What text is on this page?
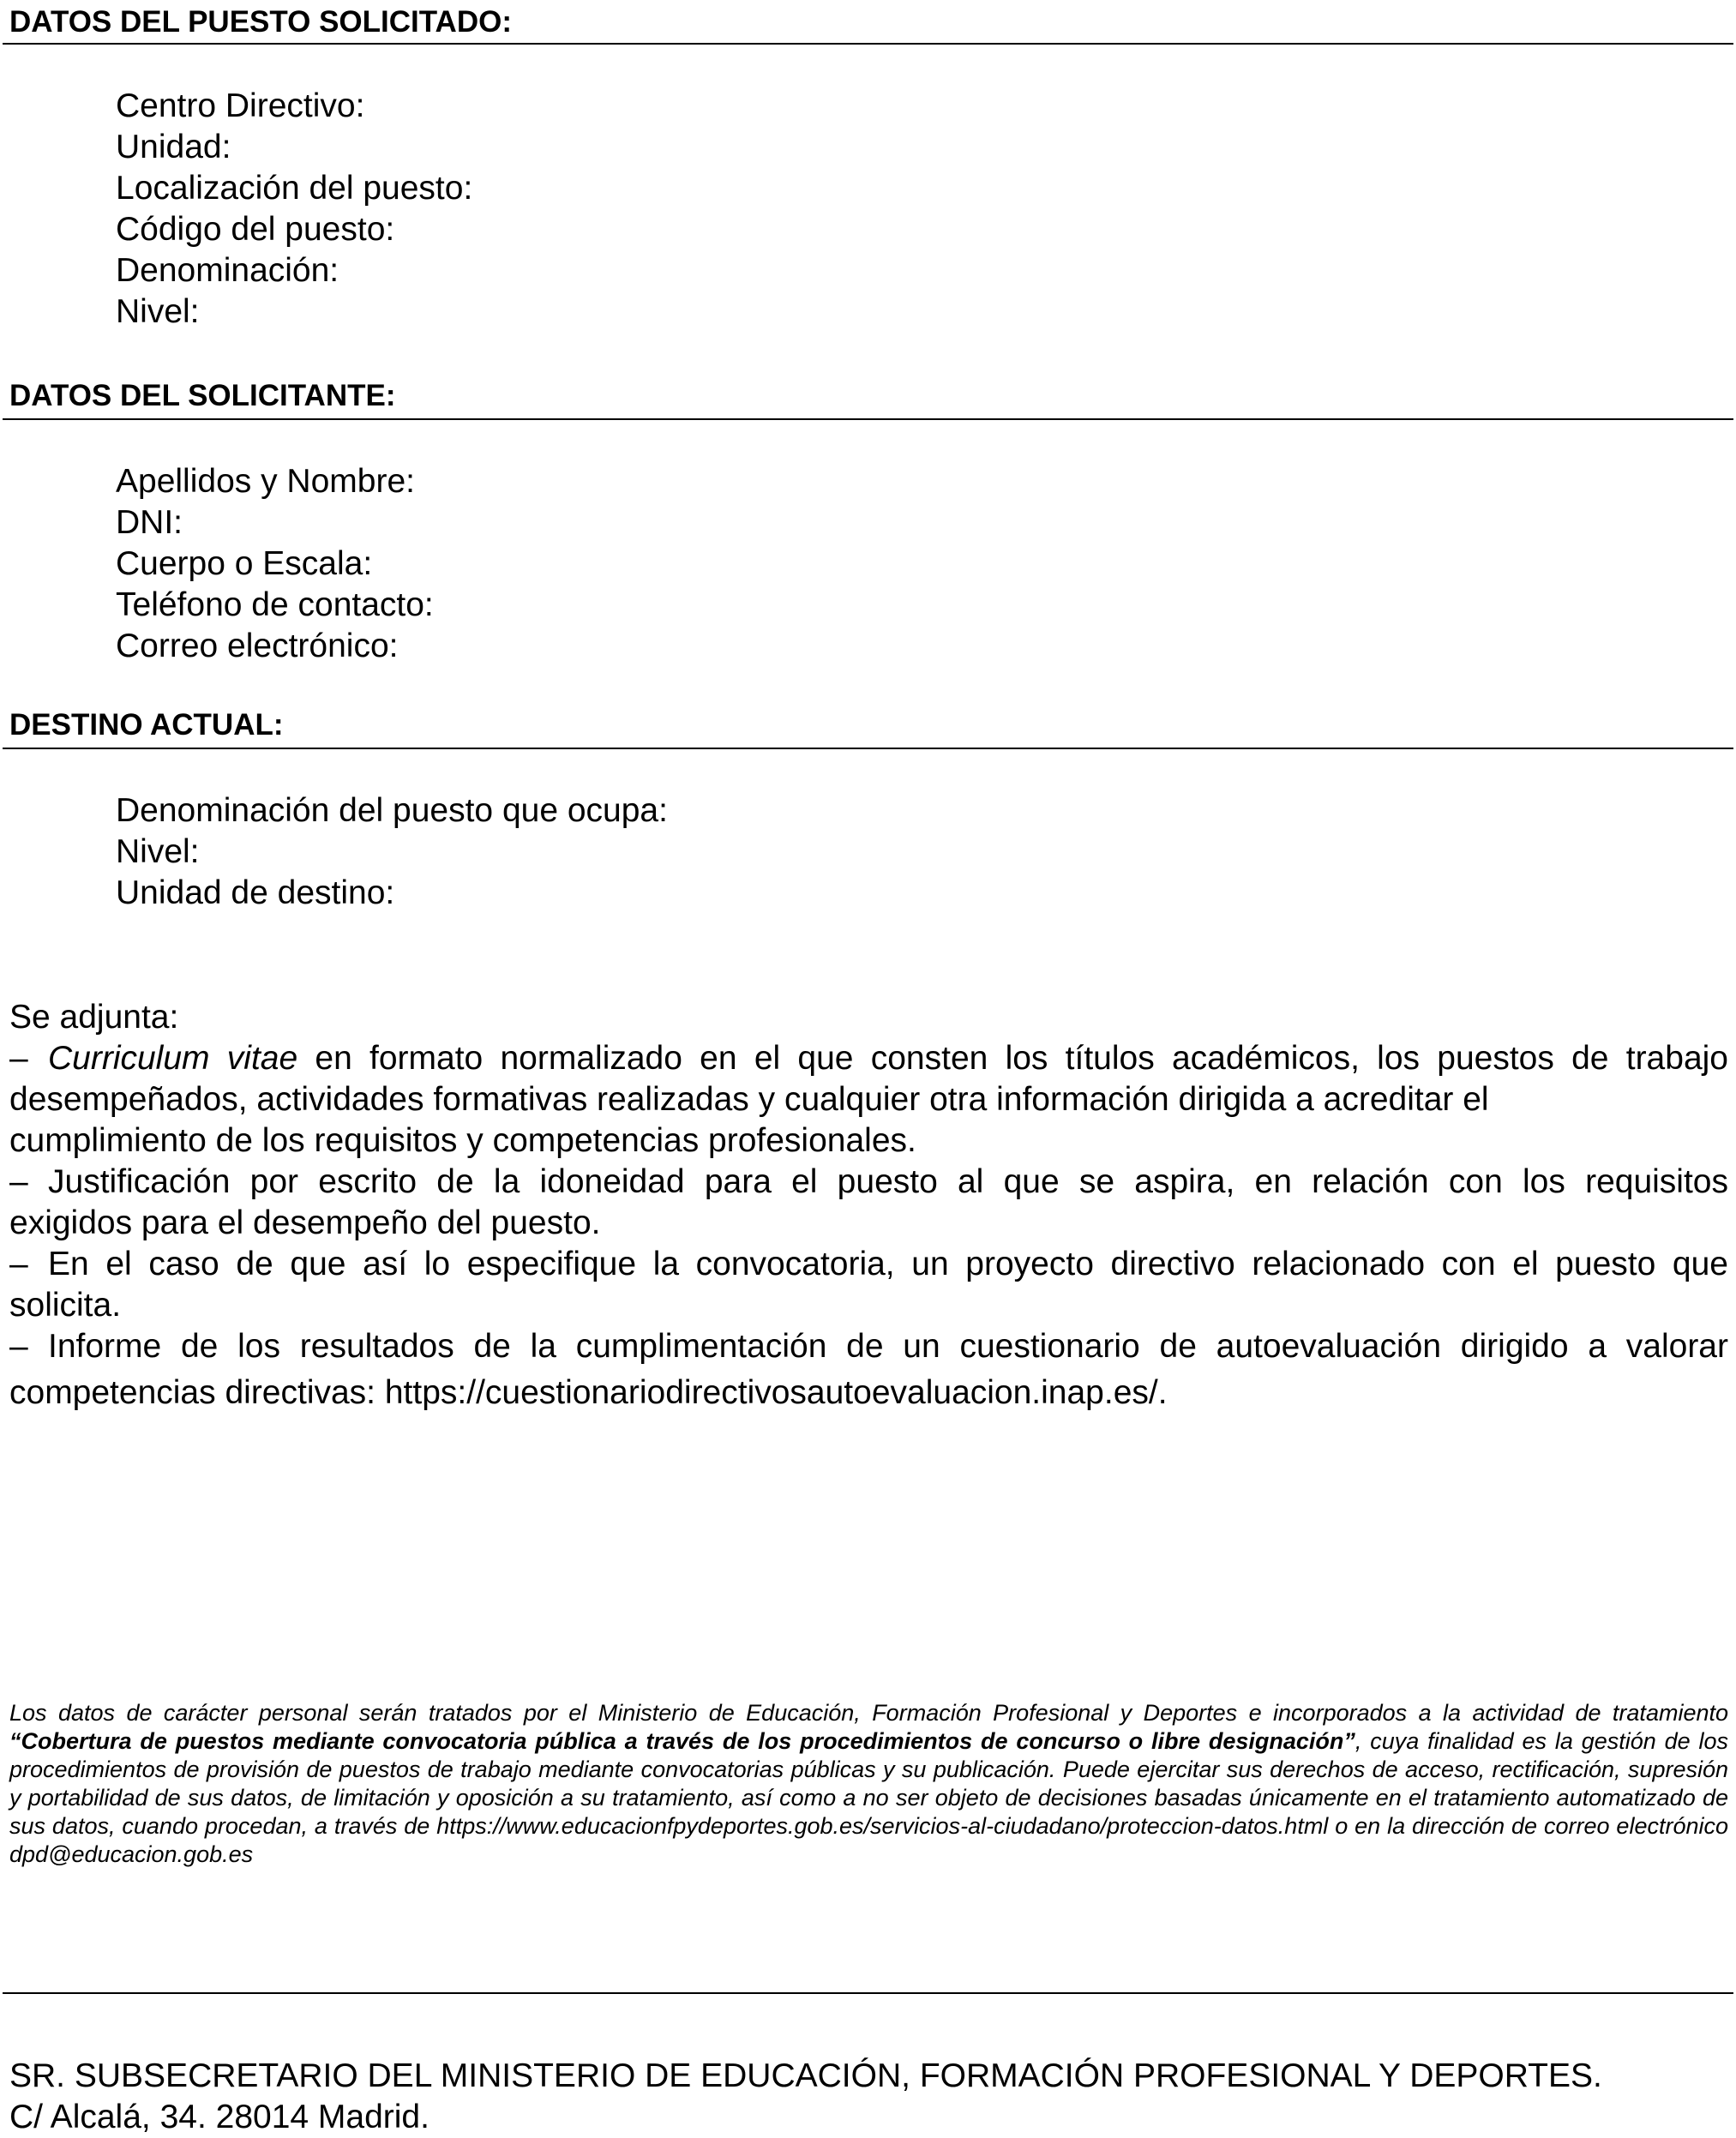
DATOS DEL PUESTO SOLICITADO:
Centro Directivo:
Unidad:
Localización del puesto:
Código del puesto:
Denominación:
Nivel:
DATOS DEL SOLICITANTE:
Apellidos y Nombre:
DNI:
Cuerpo o Escala:
Teléfono de contacto:
Correo electrónico:
DESTINO ACTUAL:
Denominación del puesto que ocupa:
Nivel:
Unidad de destino:

Se adjunta:

– Curriculum vitae en formato normalizado en el que consten los títulos académicos, los puestos de trabajo

desempeñados, actividades formativas realizadas y cualquier otra información dirigida a acreditar el

cumplimiento de los requisitos y competencias profesionales.

– Justificación por escrito de la idoneidad para el puesto al que se aspira, en relación con los requisitos

exigidos para el desempeño del puesto.

– En el caso de que así lo especifique la convocatoria, un proyecto directivo relacionado con el puesto que

solicita.

– Informe de los resultados de la cumplimentación de un cuestionario de autoevaluación dirigido a valorar

competencias directivas: https://cuestionariodirectivosautoevaluacion.inap.es/.

Los datos de carácter personal serán tratados por el Ministerio de Educación, Formación Profesional y Deportes e incorporados a la actividad de tratamiento “Cobertura de puestos mediante convocatoria pública a través de los procedimientos de concurso o libre designación”, cuya finalidad es la gestión de los procedimientos de provisión de puestos de trabajo mediante convocatorias públicas y su publicación. Puede ejercitar sus derechos de acceso, rectificación, supresión y portabilidad de sus datos, de limitación y oposición a su tratamiento, así como a no ser objeto de decisiones basadas únicamente en el tratamiento automatizado de sus datos, cuando procedan, a través de https://www.educacionfpydeportes.gob.es/servicios-al-ciudadano/proteccion-datos.html o en la dirección de correo electrónico dpd@educacion.gob.es

SR. SUBSECRETARIO DEL MINISTERIO DE EDUCACIÓN, FORMACIÓN PROFESIONAL Y DEPORTES.
C/ Alcalá, 34. 28014 Madrid.
